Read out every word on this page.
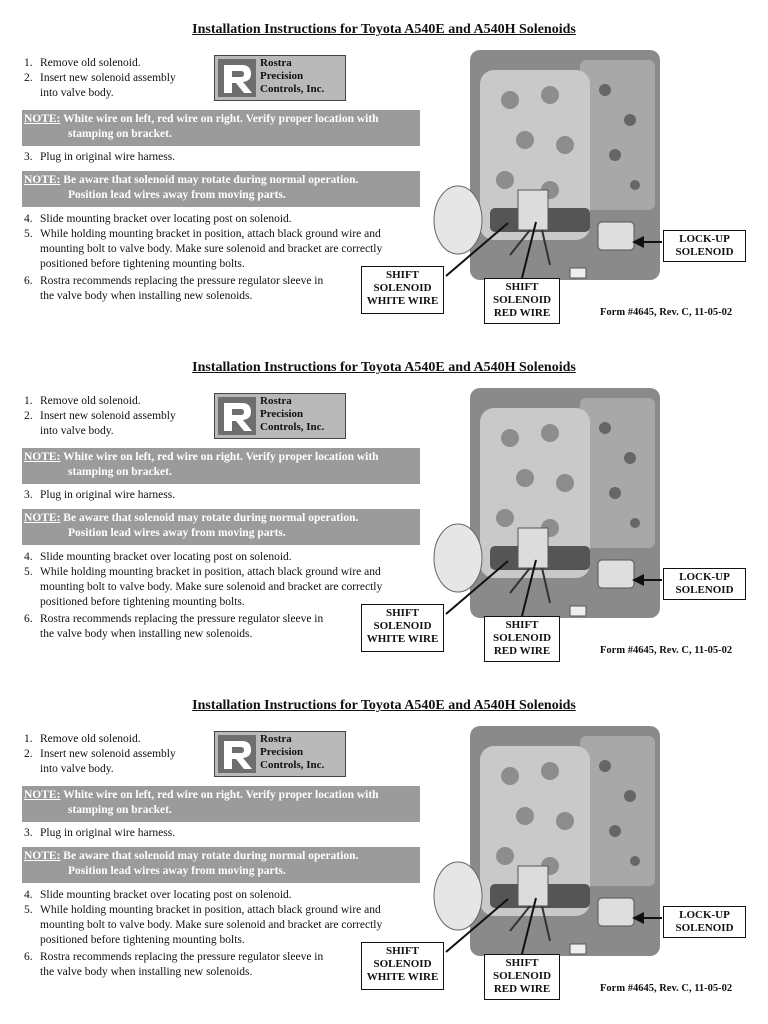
Installation Instructions for Toyota A540E and A540H Solenoids
1. Remove old solenoid.
2. Insert new solenoid assembly
into valve body.
Rostra
Precision
Controls, Inc.
NOTE: White wire on left, red wire on right. Verify proper location with
stamping on bracket.
3. Plug in original wire harness.
NOTE: Be aware that solenoid may rotate during normal operation.
Position lead wires away from moving parts.
4. Slide mounting bracket over locating post on solenoid.
5. While holding mounting bracket in position, attach black ground wire and
mounting bolt to valve body. Make sure solenoid and bracket are correctly
positioned before tightening mounting bolts.
6. Rostra recommends replacing the pressure regulator sleeve in
the valve body when installing new solenoids.
SHIFT
SOLENOID
WHITE WIRE
SHIFT
SOLENOID
RED WIRE
LOCK-UP
SOLENOID
Form #4645, Rev. C, 11-05-02
Installation Instructions for Toyota A540E and A540H Solenoids
1. Remove old solenoid.
2. Insert new solenoid assembly
into valve body.
Rostra
Precision
Controls, Inc.
NOTE: White wire on left, red wire on right. Verify proper location with
stamping on bracket.
3. Plug in original wire harness.
NOTE: Be aware that solenoid may rotate during normal operation.
Position lead wires away from moving parts.
4. Slide mounting bracket over locating post on solenoid.
5. While holding mounting bracket in position, attach black ground wire and
mounting bolt to valve body. Make sure solenoid and bracket are correctly
positioned before tightening mounting bolts.
6. Rostra recommends replacing the pressure regulator sleeve in
the valve body when installing new solenoids.
SHIFT
SOLENOID
WHITE WIRE
SHIFT
SOLENOID
RED WIRE
LOCK-UP
SOLENOID
Form #4645, Rev. C, 11-05-02
Installation Instructions for Toyota A540E and A540H Solenoids
1. Remove old solenoid.
2. Insert new solenoid assembly
into valve body.
Rostra
Precision
Controls, Inc.
NOTE: White wire on left, red wire on right. Verify proper location with
stamping on bracket.
3. Plug in original wire harness.
NOTE: Be aware that solenoid may rotate during normal operation.
Position lead wires away from moving parts.
4. Slide mounting bracket over locating post on solenoid.
5. While holding mounting bracket in position, attach black ground wire and
mounting bolt to valve body. Make sure solenoid and bracket are correctly
positioned before tightening mounting bolts.
6. Rostra recommends replacing the pressure regulator sleeve in
the valve body when installing new solenoids.
SHIFT
SOLENOID
WHITE WIRE
SHIFT
SOLENOID
RED WIRE
LOCK-UP
SOLENOID
Form #4645, Rev. C, 11-05-02
